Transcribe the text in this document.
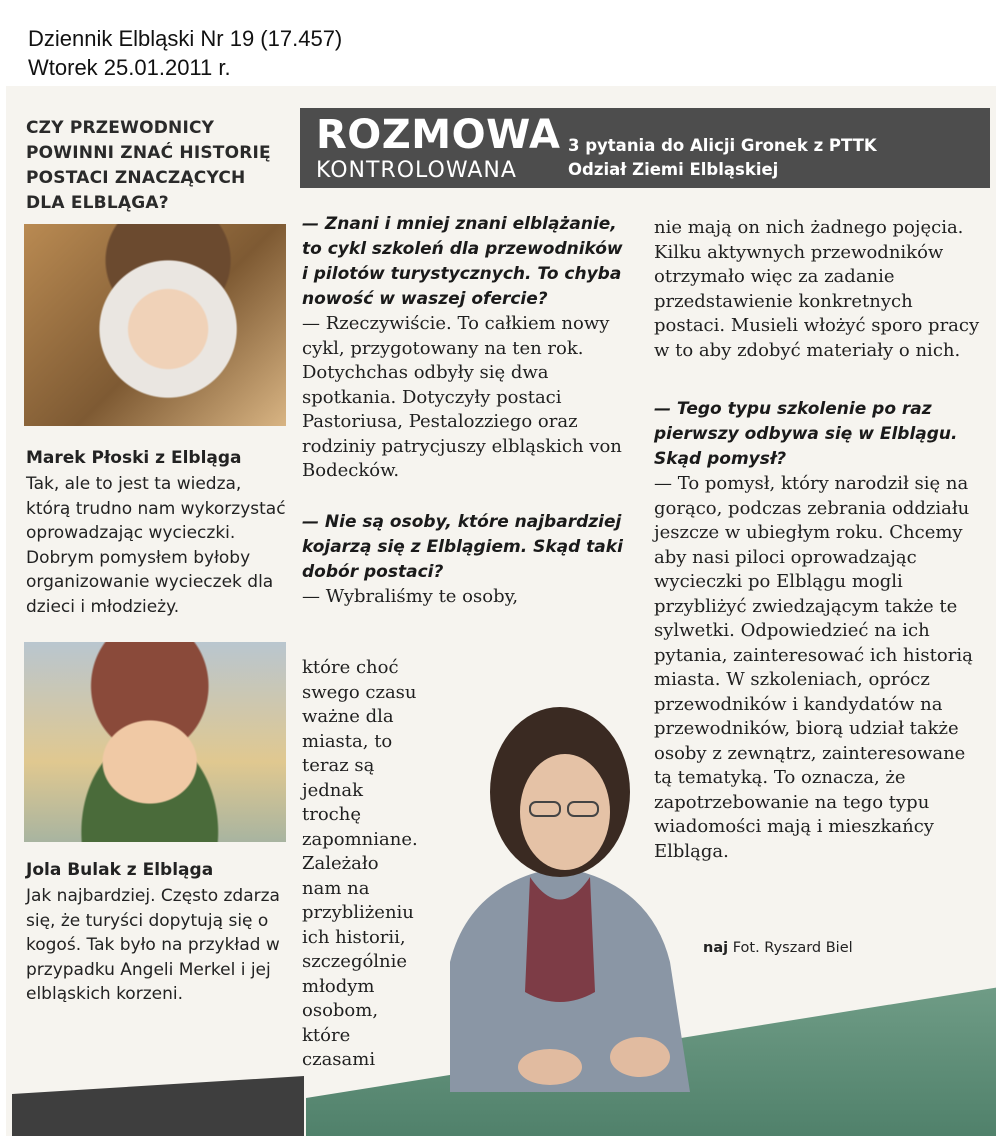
Dziennik Elbląski Nr 19 (17.457)
Wtorek 25.01.2011 r.
CZY PRZEWODNICY POWINNI ZNAĆ HISTORIĘ POSTACI ZNACZĄCYCH DLA ELBLĄGA?
Marek Płoski z Elbląga
Tak, ale to jest ta wiedza, którą trudno nam wykorzystać oprowadzając wycieczki. Dobrym pomysłem byłoby organizowanie wycieczek dla dzieci i młodzieży.
Jola Bulak z Elbląga
Jak najbardziej. Często zdarza się, że turyści dopytują się o kogoś. Tak było na przykład w przypadku Angeli Merkel i jej elbląskich korzeni.
ROZMOWA
KONTROLOWANA
3 pytania do Alicji Gronek z PTTK
Odział Ziemi Elbląskiej

— Znani i mniej znani elblążanie, to cykl szkoleń dla przewodników i pilotów turystycznych. To chyba nowość w waszej ofercie?

— Rzeczywiście. To całkiem nowy cykl, przygotowany na ten rok. Dotychchas odbyły się dwa spotkania. Dotyczyły postaci Pastoriusa, Pestalozziego oraz rodziniy patrycjuszy elbląskich von Bodecków.

— Nie są osoby, które najbardziej kojarzą się z Elblągiem. Skąd taki dobór postaci?

— Wybraliśmy te osoby,

które choć swego czasu ważne dla miasta, to teraz są jednak trochę zapomniane. Zależało nam na przybliżeniu ich historii, szczególnie młodym osobom, które czasami

nie mają on nich żadnego pojęcia. Kilku aktywnych przewodników otrzymało więc za zadanie przedstawienie konkretnych postaci. Musieli włożyć sporo pracy w to aby zdobyć materiały o nich.

— Tego typu szkolenie po raz pierwszy odbywa się w Elblągu. Skąd pomysł?

— To pomysł, który narodził się na gorąco, podczas zebrania oddziału jeszcze w ubiegłym roku. Chcemy aby nasi piloci oprowadzając wycieczki po Elblągu mogli przybliżyć zwiedzającym także te sylwetki. Odpowiedzieć na ich pytania, zainteresować ich historią miasta. W szkoleniach, oprócz przewodników i kandydatów na przewodników, biorą udział także osoby z zewnątrz, zainteresowane tą tematyką. To oznacza, że zapotrzebowanie na tego typu wiadomości mają i mieszkańcy Elbląga.

naj Fot. Ryszard Biel
